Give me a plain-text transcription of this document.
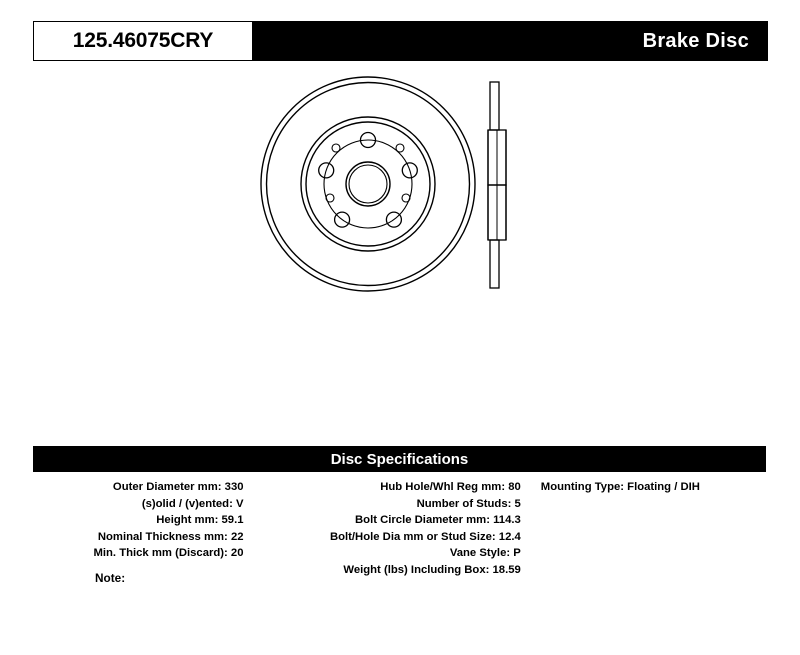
125.46075CRY	Brake Disc
Disc Specifications
Outer Diameter mm: 330
(s)olid / (v)ented: V
Height mm: 59.1
Nominal Thickness mm: 22
Min. Thick mm (Discard): 20
Hub Hole/Whl Reg mm: 80
Number of Studs: 5
Bolt Circle Diameter mm: 114.3
Bolt/Hole Dia mm or Stud Size: 12.4
Vane Style: P
Weight (lbs) Including Box: 18.59
Mounting Type: Floating / DIH
Note:
